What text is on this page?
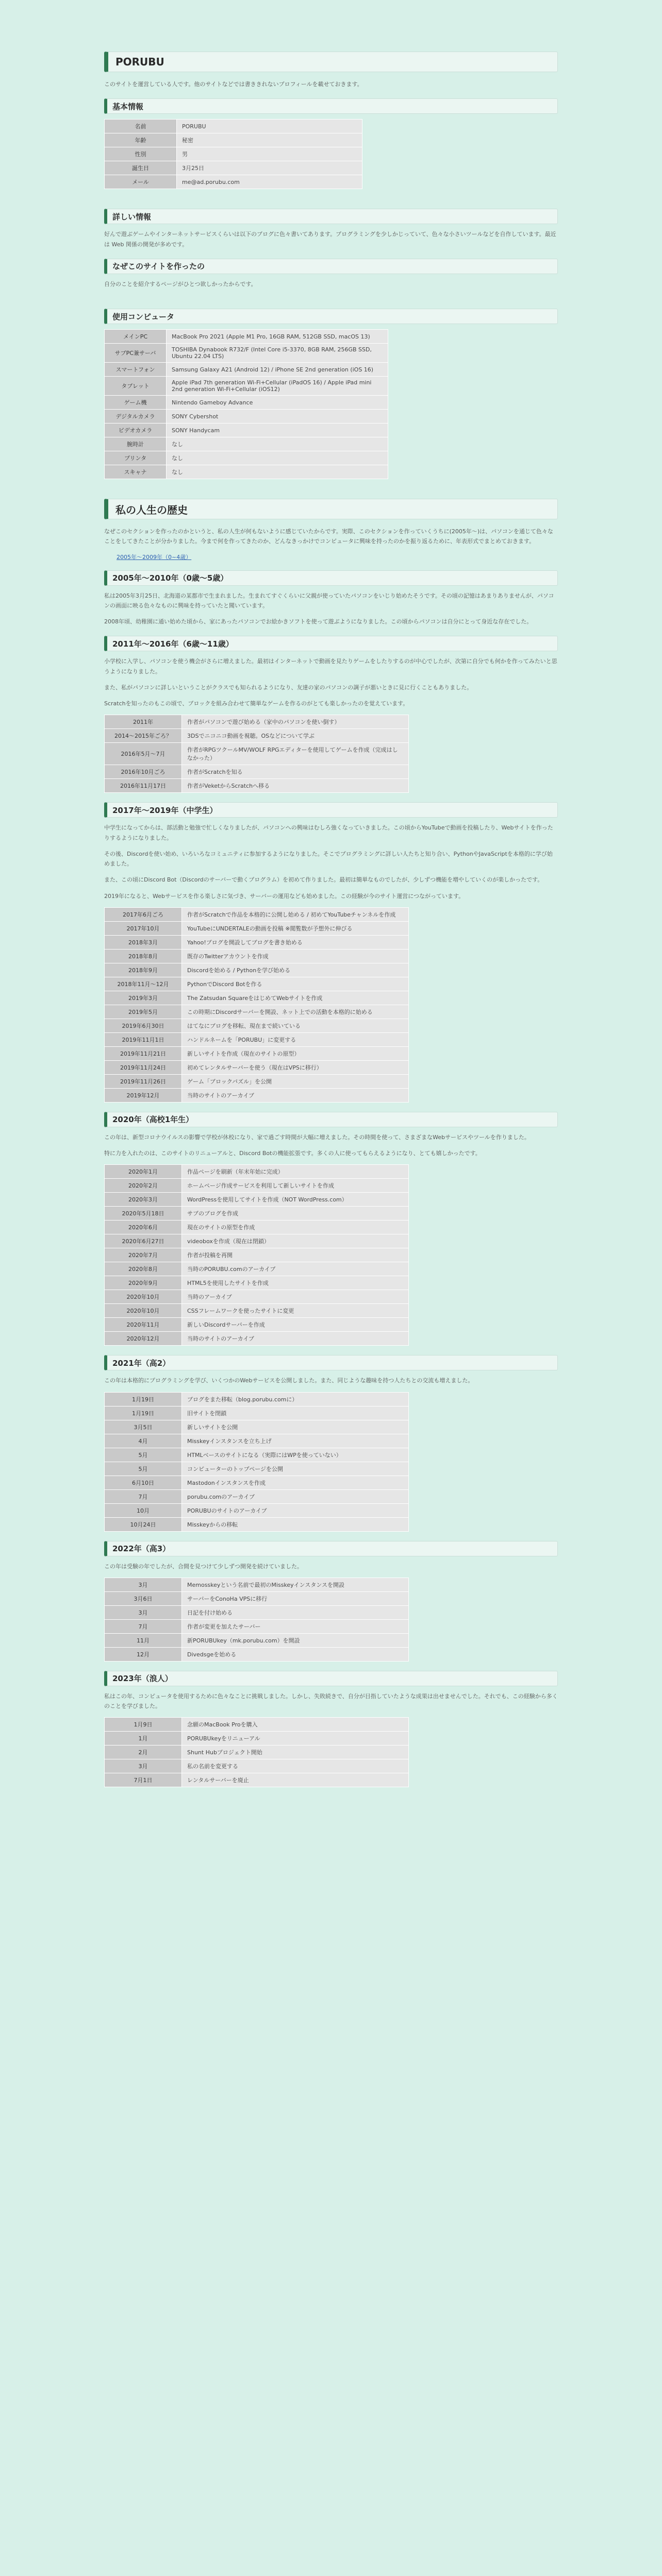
PORUBU

このサイトを運営している人です。他のサイトなどでは書ききれないプロフィールを載せておきます。

基本情報
名前	PORUBU
年齢	秘密
性別	男
誕生日	3月25日
メール	me@ad.porubu.com
詳しい情報

好んで遊ぶゲームやインターネットサービスくらいは以下のブログに色々書いてあります。プログラミングを少しかじっていて、色々な小さいツールなどを自作しています。最近は Web 関係の開発が多めです。

なぜこのサイトを作ったの

自分のことを紹介するページがひとつ欲しかったからです。

使用コンピュータ
メインPC	MacBook Pro 2021 (Apple M1 Pro, 16GB RAM, 512GB SSD, macOS 13)
サブPC兼サーバ	TOSHIBA Dynabook R732/F (Intel Core i5-3370, 8GB RAM, 256GB SSD, Ubuntu 22.04 LTS)
スマートフォン	Samsung Galaxy A21 (Android 12) / iPhone SE 2nd generation (iOS 16)
タブレット	Apple iPad 7th generation Wi-Fi+Cellular (iPadOS 16) / Apple iPad mini 2nd generation Wi-Fi+Cellular (iOS12)
ゲーム機	Nintendo Gameboy Advance
デジタルカメラ	SONY Cybershot
ビデオカメラ	SONY Handycam
腕時計	なし
プリンタ	なし
スキャナ	なし
私の人生の歴史

なぜこのセクションを作ったのかというと、私の人生が何もないように感じていたからです。実際、このセクションを作っていくうちに(2005年〜)は、パソコンを通じて色々なことをしてきたことが分かりました。今まで何を作ってきたのか、どんなきっかけでコンピュータに興味を持ったのかを振り返るために、年表形式でまとめておきます。

2005年〜2009年（0~4歳）
2005年〜2010年（0歳〜5歳）

私は2005年3月25日、北海道の某都市で生まれました。生まれてすぐくらいに父親が使っていたパソコンをいじり始めたそうです。その頃の記憶はあまりありませんが、パソコンの画面に映る色々なものに興味を持っていたと聞いています。

2008年頃、幼稚園に通い始めた頃から、家にあったパソコンでお絵かきソフトを使って遊ぶようになりました。この頃からパソコンは自分にとって身近な存在でした。

2011年〜2016年（6歳〜11歳）

小学校に入学し、パソコンを使う機会がさらに増えました。最初はインターネットで動画を見たりゲームをしたりするのが中心でしたが、次第に自分でも何かを作ってみたいと思うようになりました。

また、私がパソコンに詳しいということがクラスでも知られるようになり、友達の家のパソコンの調子が悪いときに見に行くこともありました。

Scratchを知ったのもこの頃で、ブロックを組み合わせて簡単なゲームを作るのがとても楽しかったのを覚えています。

2011年	作者がパソコンで遊び始める（家中のパソコンを使い倒す）
2014〜2015年ごろ？	3DSでニコニコ動画を視聴。OSなどについて学ぶ
2016年5月〜7月	作者がRPGツクールMV/WOLF RPGエディターを使用してゲームを作成（完成はしなかった）
2016年10月ごろ	作者がScratchを知る
2016年11月17日	作者がVeketからScratchへ移る
2017年〜2019年（中学生）

中学生になってからは、部活動と勉強で忙しくなりましたが、パソコンへの興味はむしろ強くなっていきました。この頃からYouTubeで動画を投稿したり、Webサイトを作ったりするようになりました。

その後、Discordを使い始め、いろいろなコミュニティに参加するようになりました。そこでプログラミングに詳しい人たちと知り合い、PythonやJavaScriptを本格的に学び始めました。

また、この頃にDiscord Bot（Discordのサーバーで動くプログラム）を初めて作りました。最初は簡単なものでしたが、少しずつ機能を増やしていくのが楽しかったです。

2019年になると、Webサービスを作る楽しさに気づき、サーバーの運用なども始めました。この経験が今のサイト運営につながっています。

2017年6月ごろ	作者がScratchで作品を本格的に公開し始める / 初めてYouTubeチャンネルを作成
2017年10月	YouTubeにUNDERTALEの動画を投稿 ※閲覧数が予想外に伸びる
2018年3月	Yahoo!ブログを開設してブログを書き始める
2018年8月	既存のTwitterアカウントを作成
2018年9月	Discordを始める / Pythonを学び始める
2018年11月〜12月	PythonでDiscord Botを作る
2019年3月	The Zatsudan SquareをはじめてWebサイトを作成
2019年5月	この時期にDiscordサーバーを開設、ネット上での活動を本格的に始める
2019年6月30日	はてなにブログを移転、現在まで続いている
2019年11月1日	ハンドルネームを「PORUBU」に変更する
2019年11月21日	新しいサイトを作成（現在のサイトの原型）
2019年11月24日	初めてレンタルサーバーを使う（現在はVPSに移行）
2019年11月26日	ゲーム「ブロックパズル」を公開
2019年12月	当時のサイトのアーカイブ
2020年（高校1年生）

この年は、新型コロナウイルスの影響で学校が休校になり、家で過ごす時間が大幅に増えました。その時間を使って、さまざまなWebサービスやツールを作りました。

特に力を入れたのは、このサイトのリニューアルと、Discord Botの機能拡張です。多くの人に使ってもらえるようになり、とても嬉しかったです。

2020年1月	作品ページを刷新（年末年始に完成）
2020年2月	ホームページ作成サービスを利用して新しいサイトを作成
2020年3月	WordPressを使用してサイトを作成（NOT WordPress.com）
2020年5月18日	サブのブログを作成
2020年6月	現在のサイトの原型を作成
2020年6月27日	videoboxを作成（現在は閉鎖）
2020年7月	作者が投稿を再開
2020年8月	当時のPORUBU.comのアーカイブ
2020年9月	HTML5を使用したサイトを作成
2020年10月	当時のアーカイブ
2020年10月	CSSフレームワークを使ったサイトに変更
2020年11月	新しいDiscordサーバーを作成
2020年12月	当時のサイトのアーカイブ
2021年（高2）

この年は本格的にプログラミングを学び、いくつかのWebサービスを公開しました。また、同じような趣味を持つ人たちとの交流も増えました。

1月19日	ブログをまた移転（blog.porubu.comに）
1月19日	旧サイトを閉鎖
3月5日	新しいサイトを公開
4月	Misskeyインスタンスを立ち上げ
5月	HTMLベースのサイトになる（実際にはWPを使っていない）
5月	コンピューターのトップページを公開
6月10日	Mastodonインスタンスを作成
7月	porubu.comのアーカイブ
10月	PORUBUのサイトのアーカイブ
10月24日	Misskeyからの移転
2022年（高3）

この年は受験の年でしたが、合間を見つけて少しずつ開発を続けていました。

3月	Memosskeyという名前で最初のMisskeyインスタンスを開設
3月6日	サーバーをConoHa VPSに移行
3月	日記を付け始める
7月	作者が変更を加えたサーバー
11月	新PORUBUkey（mk.porubu.com）を開設
12月	Divedsgeを始める
2023年（浪人）

私はこの年、コンピュータを使用するために色々なことに挑戦しました。しかし、失敗続きで、自分が目指していたような成果は出せませんでした。それでも、この経験から多くのことを学びました。

1月9日	念願のMacBook Proを購入
1月	PORUBUkeyをリニューアル
2月	Shunt Hubプロジェクト開始
3月	私の名前を変更する
7月1日	レンタルサーバーを廃止
